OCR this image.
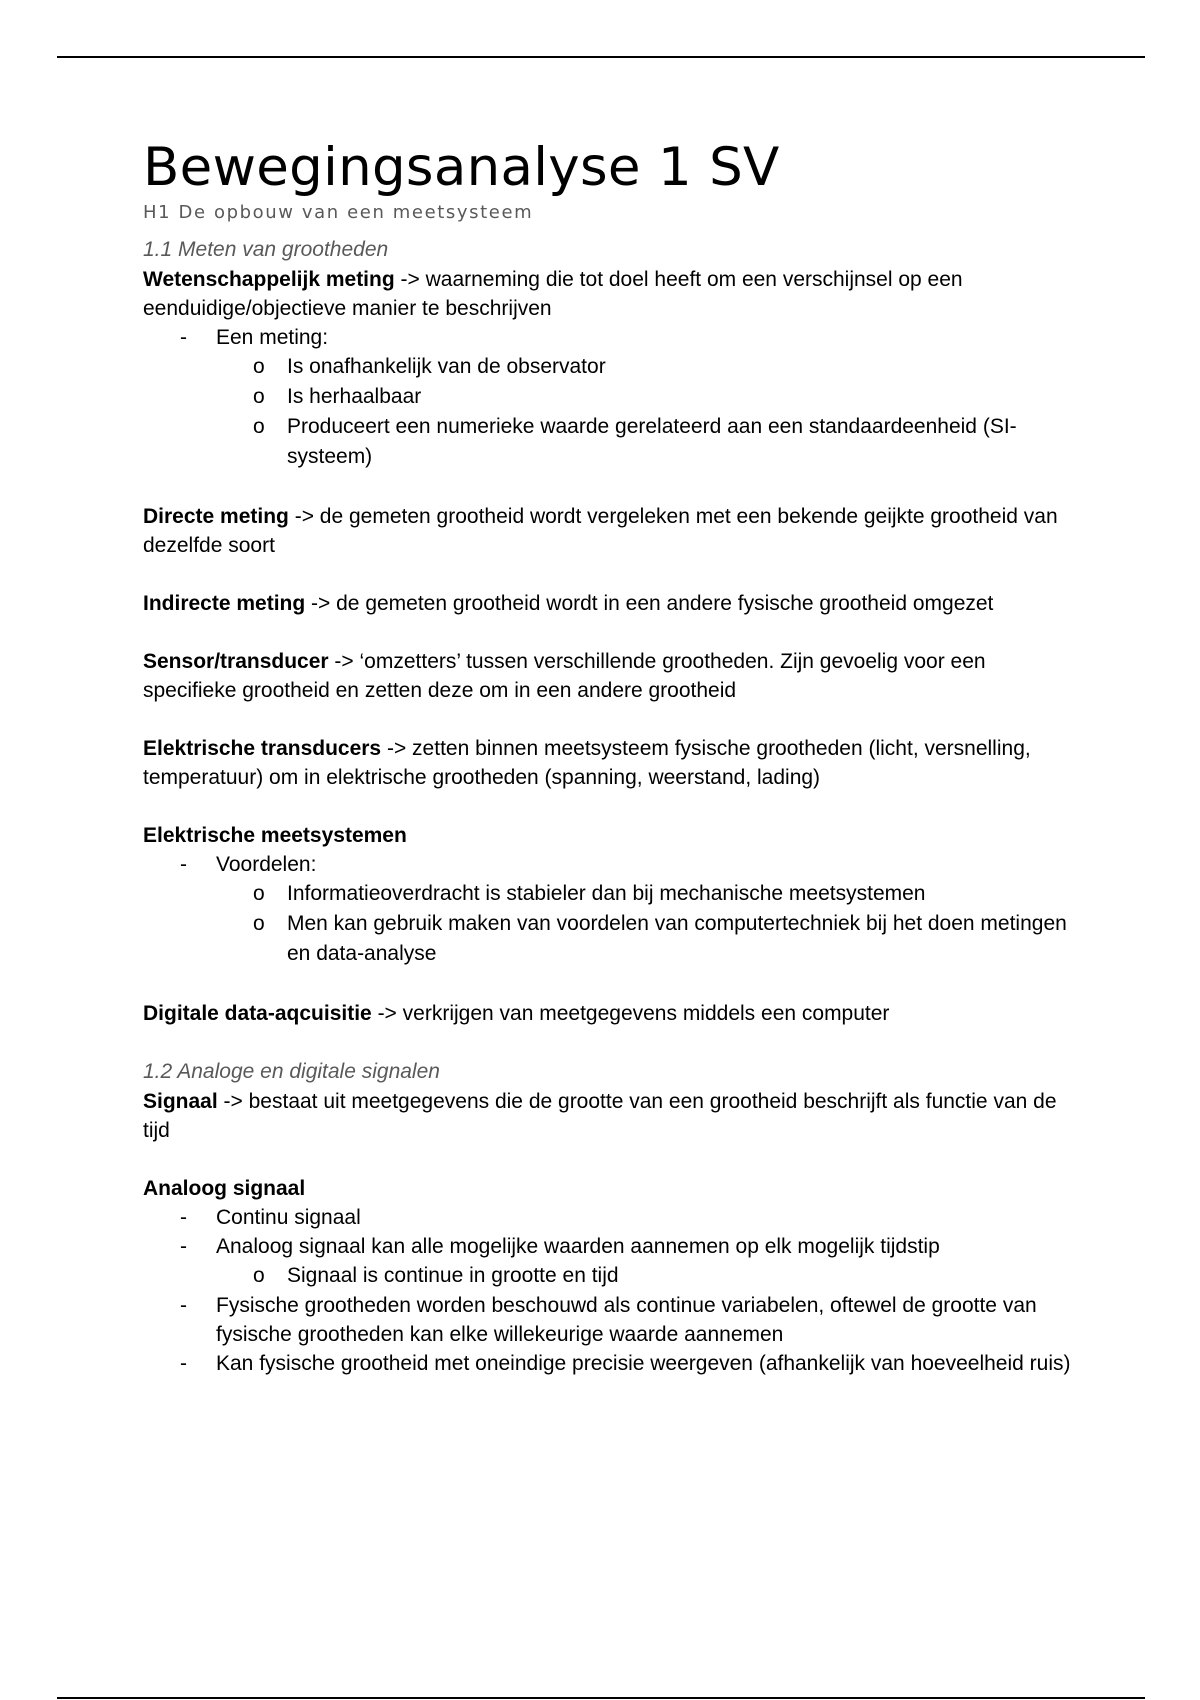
Bewegingsanalyse 1 SV

H1 De opbouw van een meetsysteem

1.1 Meten van grootheden

Wetenschappelijk meting -> waarneming die tot doel heeft om een verschijnsel op een eenduidige/objectieve manier te beschrijven

- Een meting:
o Is onafhankelijk van de observator
o Is herhaalbaar
o Produceert een numerieke waarde gerelateerd aan een standaardeenheid (SI-systeem)

Directe meting -> de gemeten grootheid wordt vergeleken met een bekende geijkte grootheid van dezelfde soort

Indirecte meting -> de gemeten grootheid wordt in een andere fysische grootheid omgezet

Sensor/transducer -> ‘omzetters’ tussen verschillende grootheden. Zijn gevoelig voor een specifieke grootheid en zetten deze om in een andere grootheid

Elektrische transducers -> zetten binnen meetsysteem fysische grootheden (licht, versnelling, temperatuur) om in elektrische grootheden (spanning, weerstand, lading)

Elektrische meetsystemen

- Voordelen:
o Informatieoverdracht is stabieler dan bij mechanische meetsystemen
o Men kan gebruik maken van voordelen van computertechniek bij het doen metingen en data-analyse

Digitale data-aqcuisitie -> verkrijgen van meetgegevens middels een computer

1.2 Analoge en digitale signalen

Signaal -> bestaat uit meetgegevens die de grootte van een grootheid beschrijft als functie van de tijd

Analoog signaal

- Continu signaal
- Analoog signaal kan alle mogelijke waarden aannemen op elk mogelijk tijdstip
o Signaal is continue in grootte en tijd
- Fysische grootheden worden beschouwd als continue variabelen, oftewel de grootte van fysische grootheden kan elke willekeurige waarde aannemen
- Kan fysische grootheid met oneindige precisie weergeven (afhankelijk van hoeveelheid ruis)
